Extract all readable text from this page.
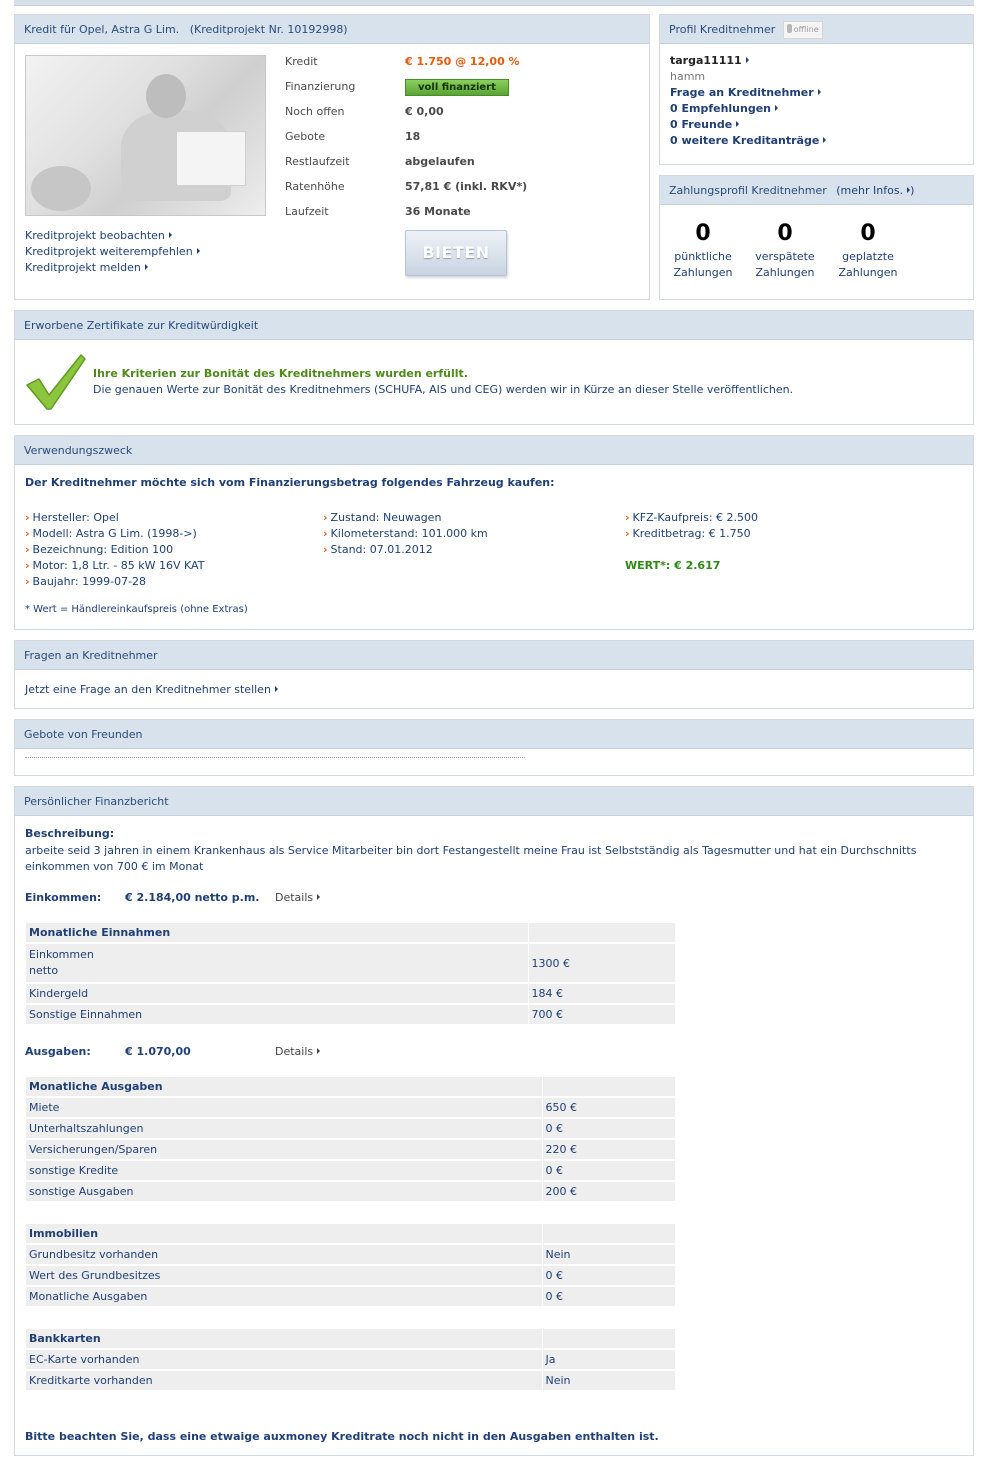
Kredit für Opel, Astra G Lim. (Kreditprojekt Nr. 10192998)
Kreditprojekt beobachten
Kreditprojekt weiterempfehlen
Kreditprojekt melden
Kredit	€ 1.750 @ 12,00 %
Finanzierung	voll finanziert
Noch offen	€ 0,00
Gebote	18
Restlaufzeit	abgelaufen
Ratenhöhe	57,81 € (inkl. RKV*)
Laufzeit	36 Monate
BIETEN
Profil Kreditnehmer offline
targa11111
hamm
Frage an Kreditnehmer
0 Empfehlungen
0 Freunde
0 weitere Kreditanträge
Zahlungsprofil Kreditnehmer (mehr Infos. )
0
pünktliche
Zahlungen
0
verspätete
Zahlungen
0
geplatzte
Zahlungen
Erworbene Zertifikate zur Kreditwürdigkeit
Ihre Kriterien zur Bonität des Kreditnehmers wurden erfüllt.
Die genauen Werte zur Bonität des Kreditnehmers (SCHUFA, AIS und CEG) werden wir in Kürze an dieser Stelle veröffentlichen.
Verwendungszweck
Der Kreditnehmer möchte sich vom Finanzierungsbetrag folgendes Fahrzeug kaufen:
› Hersteller: Opel
› Modell: Astra G Lim. (1998->)
› Bezeichnung: Edition 100
› Motor: 1,8 Ltr. - 85 kW 16V KAT
› Baujahr: 1999-07-28
› Zustand: Neuwagen
› Kilometerstand: 101.000 km
› Stand: 07.01.2012
› KFZ-Kaufpreis: € 2.500
› Kreditbetrag: € 1.750
WERT*: € 2.617
* Wert = Händlereinkaufspreis (ohne Extras)
Fragen an Kreditnehmer
Jetzt eine Frage an den Kreditnehmer stellen
Gebote von Freunden
Persönlicher Finanzbericht
Beschreibung:
arbeite seid 3 jahren in einem Krankenhaus als Service Mitarbeiter bin dort Festangestellt meine Frau ist Selbstständig als Tagesmutter und hat ein Durchschnitts
einkommen von 700 € im Monat
Einkommen: € 2.184,00 netto p.m. Details
Monatliche Einnahmen	
Einkommen
netto	1300 €
Kindergeld	184 €
Sonstige Einnahmen	700 €
Ausgaben:	€ 1.070,00	Details
Monatliche Ausgaben	
Miete	650 €
Unterhaltszahlungen	0 €
Versicherungen/Sparen	220 €
sonstige Kredite	0 €
sonstige Ausgaben	200 €
Immobilien	
Grundbesitz vorhanden	Nein
Wert des Grundbesitzes	0 €
Monatliche Ausgaben	0 €
Bankkarten	
EC-Karte vorhanden	Ja
Kreditkarte vorhanden	Nein
Bitte beachten Sie, dass eine etwaige auxmoney Kreditrate noch nicht in den Ausgaben enthalten ist.
